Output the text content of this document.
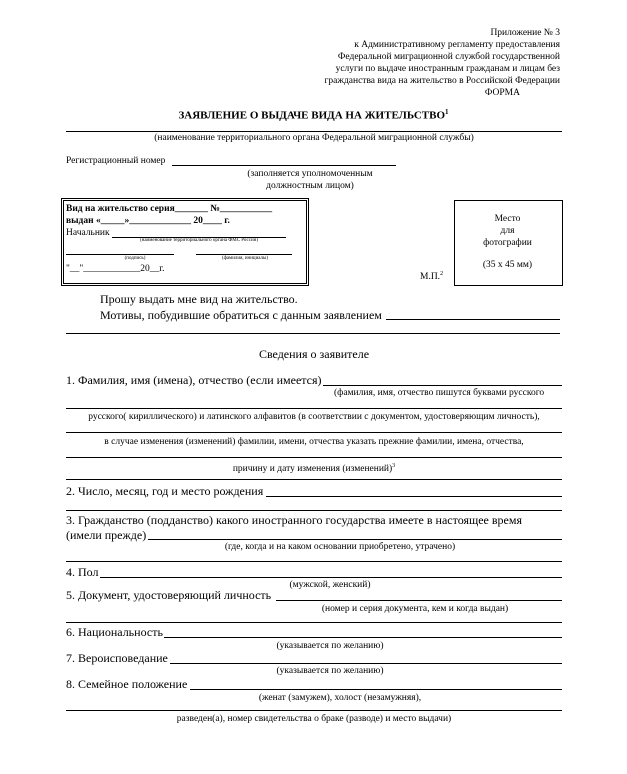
Приложение № 3
к Административному регламенту предоставления
Федеральной миграционной службой государственной
услуги по выдаче иностранным гражданам и лицам без
гражданства вида на жительство в Российской Федерации
ФОРМА
ЗАЯВЛЕНИЕ О ВЫДАЧЕ ВИДА НА ЖИТЕЛЬСТВО$^1$
(наименование территориального органа Федеральной миграционной службы)
Регистрационный номер
(заполняется уполномоченным
должностным лицом)
Вид на жительство серия_______ №___________
выдан «_____»_____________ 20____ г.
Начальник
(наименование территориального органа ФМС России)
(подпись)	(фамилия, инициалы)
"__"____________20__г.
М.П.$^2$
Место
для
фотографии
(35 х 45 мм)
Прошу выдать мне вид на жительство.
Мотивы, побудившие обратиться с данным заявлением
Сведения о заявителе
1. Фамилия, имя (имена), отчество (если имеется)
(фамилия, имя, отчество пишутся буквами русского
русского( кириллического) и латинского алфавитов (в соответствии с документом, удостоверяющим личность),
в случае изменения (изменений) фамилии, имени, отчества указать прежние фамилии, имена, отчества,
причину и дату изменения (изменений)$^3$
2. Число, месяц, год и место рождения
3. Гражданство (подданство) какого иностранного государства имеете в настоящее время
(имели прежде)
(где, когда и на каком основании приобретено, утрачено)
4. Пол
(мужской, женский)
5. Документ, удостоверяющий личность
(номер и серия документа, кем и когда выдан)
6. Национальность
(указывается по желанию)
7. Вероисповедание
(указывается по желанию)
8. Семейное положение
(женат (замужем), холост (незамужняя),
разведен(а), номер свидетельства о браке (разводе) и место выдачи)
